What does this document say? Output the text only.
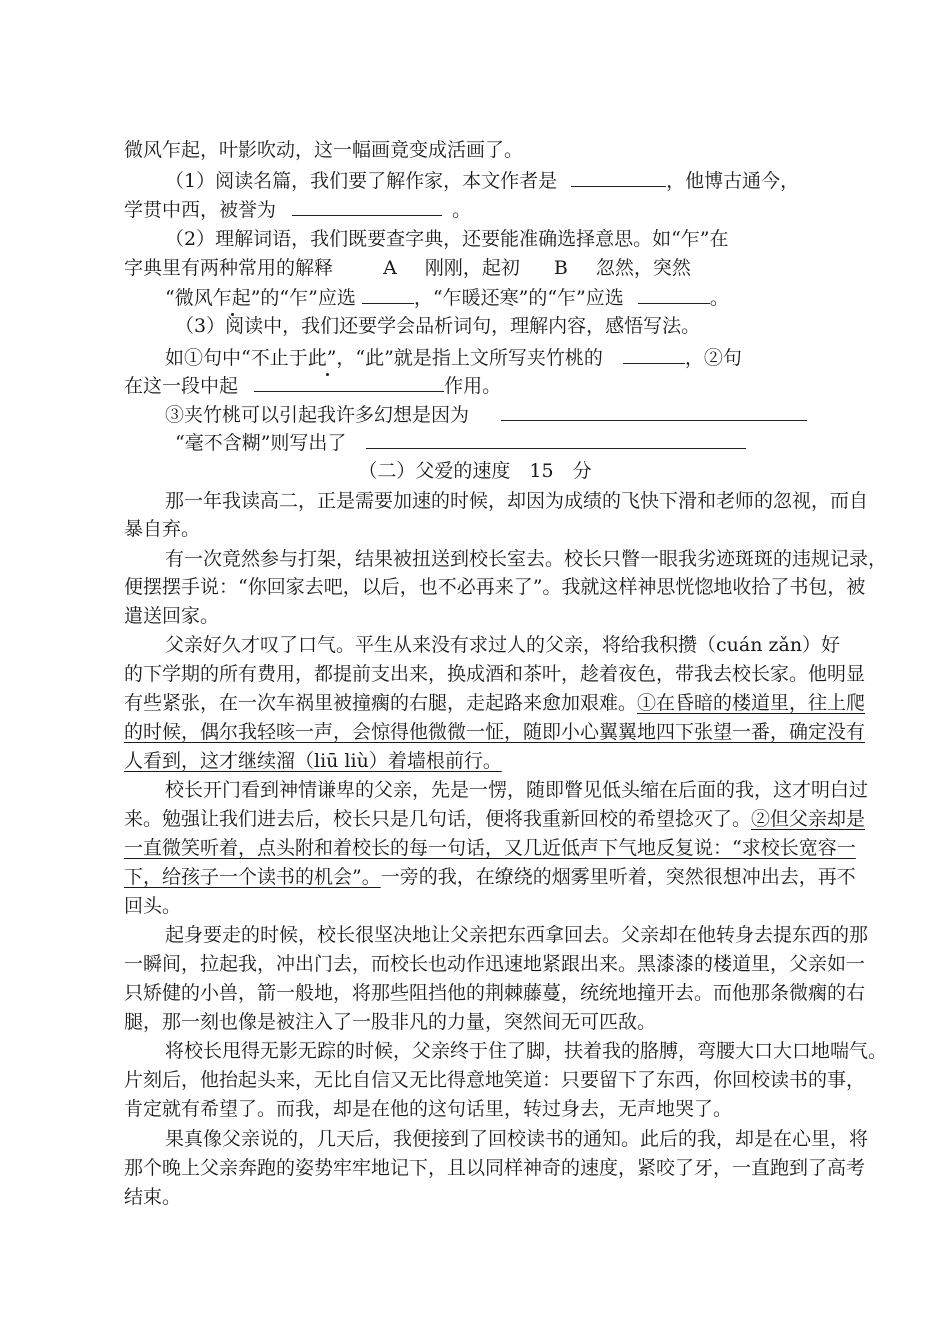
微风乍起，叶影吹动，这一幅画竟变成活画了。
（1）阅读名篇，我们要了解作家，本文作者是	，他博古通今，
学贯中西，被誉为	。
（2）理解词语，我们既要查字典，还要能准确选择意思。如“乍”在
字典里有两种常用的解释	A 刚刚，起初 B 忽然，突然
“微风乍起”的“乍”应选	，“乍暖还寒”的“乍”应选	。
（3）阅读中，我们还要学会品析词句，理解内容，感悟写法。
如①句中“不止于此”，“此”就是指上文所写夹竹桃的	，②句
在这一段中起	作用。
③夹竹桃可以引起我许多幻想是因为
“毫不含糊”则写出了
（二）父爱的速度　15　分
那一年我读高二，正是需要加速的时候，却因为成绩的飞快下滑和老师的忽视，而自
暴自弃。
有一次竟然参与打架，结果被扭送到校长室去。校长只瞥一眼我劣迹斑斑的违规记录，
便摆摆手说：“你回家去吧，以后，也不必再来了”。我就这样神思恍惚地收拾了书包，被
遣送回家。
父亲好久才叹了口气。平生从来没有求过人的父亲，将给我积攒（cuán zǎn）好
的下学期的所有费用，都提前支出来，换成酒和茶叶，趁着夜色，带我去校长家。他明显
有些紧张，在一次车祸里被撞瘸的右腿，走起路来愈加艰难。①在昏暗的楼道里，往上爬
的时候，偶尔我轻咳一声，会惊得他微微一怔，随即小心翼翼地四下张望一番，确定没有
人看到，这才继续溜（liū liù）着墙根前行。
校长开门看到神情谦卑的父亲，先是一愣，随即瞥见低头缩在后面的我，这才明白过
来。勉强让我们进去后，校长只是几句话，便将我重新回校的希望捻灭了。②但父亲却是
一直微笑听着，点头附和着校长的每一句话，又几近低声下气地反复说：“求校长宽容一
下，给孩子一个读书的机会”。一旁的我，在缭绕的烟雾里听着，突然很想冲出去，再不
回头。
起身要走的时候，校长很坚决地让父亲把东西拿回去。父亲却在他转身去提东西的那
一瞬间，拉起我，冲出门去，而校长也动作迅速地紧跟出来。黑漆漆的楼道里，父亲如一
只矫健的小兽，箭一般地，将那些阻挡他的荆棘藤蔓，统统地撞开去。而他那条微瘸的右
腿，那一刻也像是被注入了一股非凡的力量，突然间无可匹敌。
将校长甩得无影无踪的时候，父亲终于住了脚，扶着我的胳膊，弯腰大口大口地喘气。
片刻后，他抬起头来，无比自信又无比得意地笑道：只要留下了东西，你回校读书的事，
肯定就有希望了。而我，却是在他的这句话里，转过身去，无声地哭了。
果真像父亲说的，几天后，我便接到了回校读书的通知。此后的我，却是在心里，将
那个晚上父亲奔跑的姿势牢牢地记下，且以同样神奇的速度，紧咬了牙，一直跑到了高考
结束。
